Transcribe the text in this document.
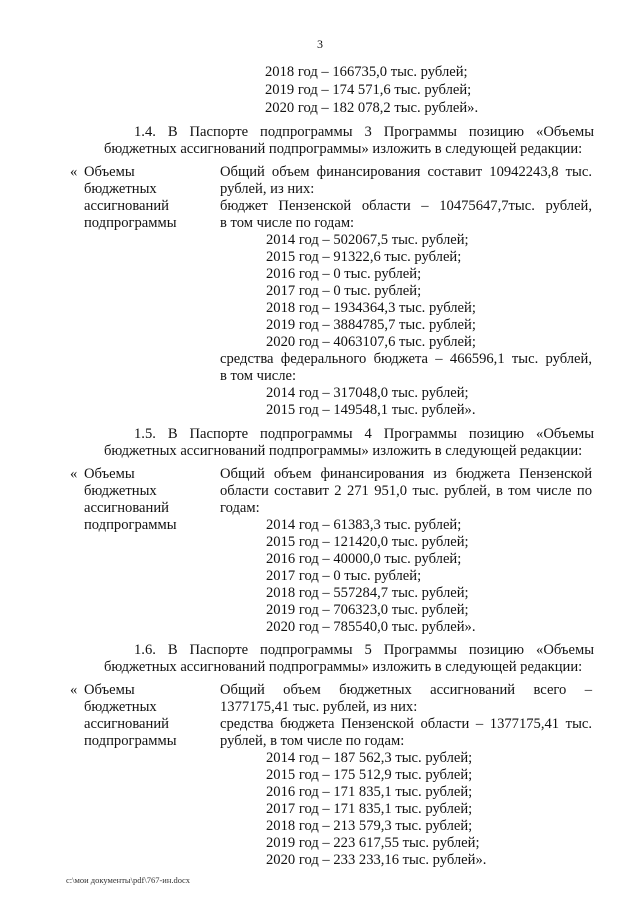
3
2018 год – 166735,0 тыс. рублей;
2019 год – 174 571,6 тыс. рублей;
2020 год – 182 078,2 тыс. рублей».
1.4. В Паспорте подпрограммы 3 Программы позицию «Объемы
бюджетных ассигнований подпрограммы» изложить в следующей редакции:
« Объемы
бюджетных
ассигнований
подпрограммы
Общий объем финансирования составит 10942243,8 тыс.
рублей, из них:
бюджет Пензенской области – 10475647,7тыс. рублей,
в том числе по годам:
2014 год – 502067,5 тыс. рублей;
2015 год – 91322,6 тыс. рублей;
2016 год – 0 тыс. рублей;
2017 год – 0 тыс. рублей;
2018 год – 1934364,3 тыс. рублей;
2019 год – 3884785,7 тыс. рублей;
2020 год – 4063107,6 тыс. рублей;
средства федерального бюджета – 466596,1 тыс. рублей,
в том числе:
2014 год – 317048,0 тыс. рублей;
2015 год – 149548,1 тыс. рублей».
1.5. В Паспорте подпрограммы 4 Программы позицию «Объемы
бюджетных ассигнований подпрограммы» изложить в следующей редакции:
« Объемы
бюджетных
ассигнований
подпрограммы
Общий объем финансирования из бюджета Пензенской
области составит 2 271 951,0 тыс. рублей, в том числе по
годам:
2014 год – 61383,3 тыс. рублей;
2015 год – 121420,0 тыс. рублей;
2016 год – 40000,0 тыс. рублей;
2017 год – 0 тыс. рублей;
2018 год – 557284,7 тыс. рублей;
2019 год – 706323,0 тыс. рублей;
2020 год – 785540,0 тыс. рублей».
1.6. В Паспорте подпрограммы 5 Программы позицию «Объемы
бюджетных ассигнований подпрограммы» изложить в следующей редакции:
« Объемы
бюджетных
ассигнований
подпрограммы
Общий объем бюджетных ассигнований всего –
1377175,41 тыс. рублей, из них:
средства бюджета Пензенской области – 1377175,41 тыс.
рублей, в том числе по годам:
2014 год – 187 562,3 тыс. рублей;
2015 год – 175 512,9 тыс. рублей;
2016 год – 171 835,1 тыс. рублей;
2017 год – 171 835,1 тыс. рублей;
2018 год – 213 579,3 тыс. рублей;
2019 год – 223 617,55 тыс. рублей;
2020 год – 233 233,16 тыс. рублей».
c:\мои документы\pdf\767-ин.docx
